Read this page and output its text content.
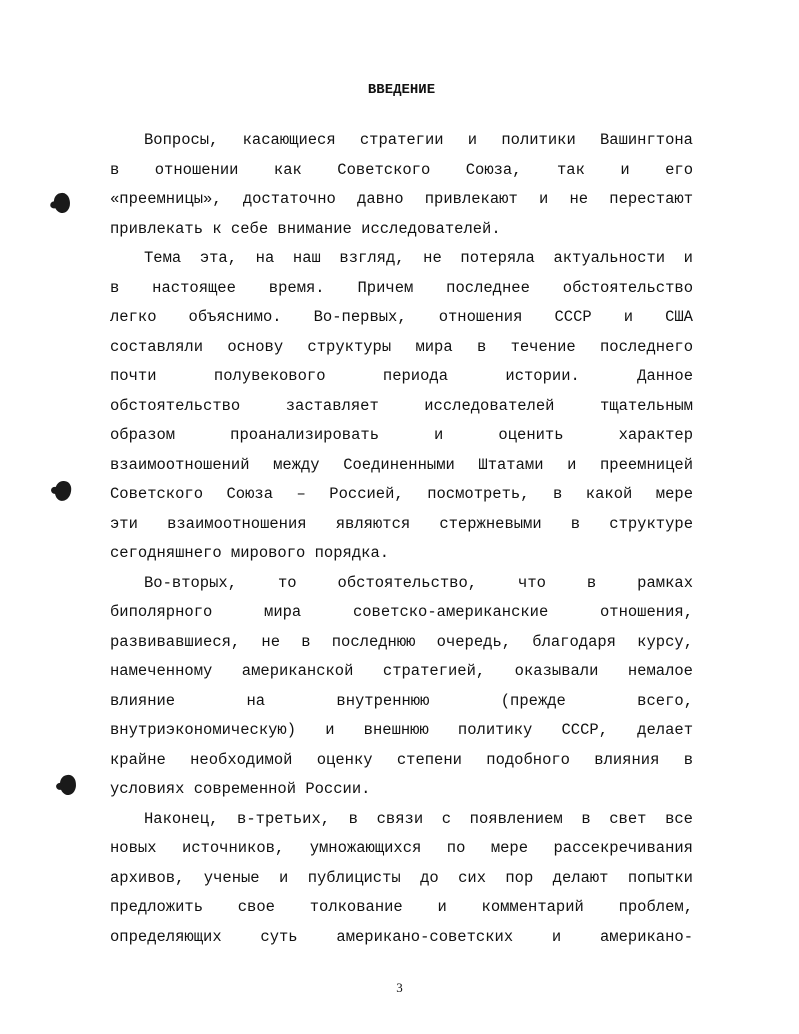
ВВЕДЕНИЕ
Вопросы, касающиеся стратегии и политики Вашингтона
в отношении как Советского Союза, так и его
«преемницы», достаточно давно привлекают и не перестают
привлекать к себе внимание исследователей.
Тема эта, на наш взгляд, не потеряла актуальности и
в настоящее время. Причем последнее обстоятельство
легко объяснимо. Во-первых, отношения СССР и США
составляли основу структуры мира в течение последнего
почти полувекового периода истории. Данное
обстоятельство заставляет исследователей тщательным
образом проанализировать и оценить характер
взаимоотношений между Соединенными Штатами и преемницей
Советского Союза – Россией, посмотреть, в какой мере
эти взаимоотношения являются стержневыми в структуре
сегодняшнего мирового порядка.
Во-вторых, то обстоятельство, что в рамках
биполярного мира советско-американские отношения,
развивавшиеся, не в последнюю очередь, благодаря курсу,
намеченному американской стратегией, оказывали немалое
влияние на внутреннюю (прежде всего,
внутриэкономическую) и внешнюю политику СССР, делает
крайне необходимой оценку степени подобного влияния в
условиях современной России.
Наконец, в-третьих, в связи с появлением в свет все
новых источников, умножающихся по мере рассекречивания
архивов, ученые и публицисты до сих пор делают попытки
предложить свое толкование и комментарий проблем,
определяющих суть американо-советских и американо-
3
